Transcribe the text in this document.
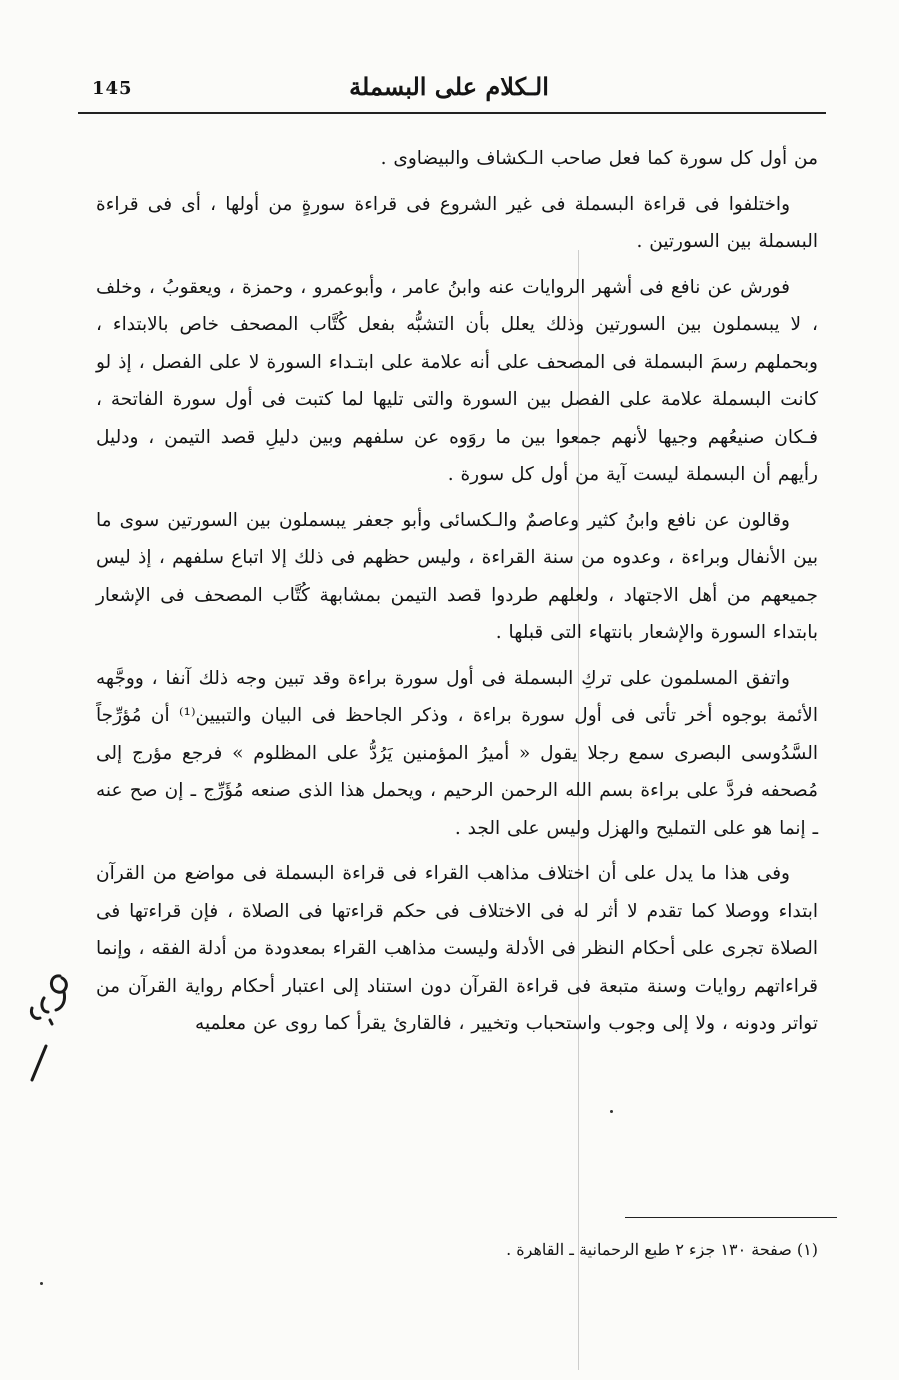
145	الـكلام على البسملة

من أول كل سورة كما فعل صاحب الـكشاف والبيضاوى .

واختلفوا فى قراءة البسملة فى غير الشروع فى قراءة سورةٍ من أولها ، أى فى قراءة البسملة بين السورتين .

فورش عن نافع فى أشهر الروايات عنه وابنُ عامر ، وأبوعمرو ، وحمزة ، ويعقوبُ ، وخلف ، لا يبسملون بين السورتين وذلك يعلل بأن التشبُّه بفعل كُتَّاب المصحف خاص بالابتداء ، وبحملهم رسمَ البسملة فى المصحف على أنه علامة على ابتـداء السورة لا على الفصل ، إذ لو كانت البسملة علامة على الفصل بين السورة والتى تليها لما كتبت فى أول سورة الفاتحة ، فـكان صنيعُهم وجيها لأنهم جمعوا بين ما روَوه عن سلفهم وبين دليلِ قصد التيمن ، ودليل رأيهم أن البسملة ليست آية من أول كل سورة .

وقالون عن نافع وابنُ كثير وعاصمٌ والـكسائى وأبو جعفر يبسملون بين السورتين سوى ما بين الأنفال وبراءة ، وعدوه من سنة القراءة ، وليس حظهم فى ذلك إلا اتباع سلفهم ، إذ ليس جميعهم من أهل الاجتهاد ، ولعلهم طردوا قصد التيمن بمشابهة كُتَّاب المصحف فى الإشعار بابتداء السورة والإشعار بانتهاء التى قبلها .

واتفق المسلمون على تركِ البسملة فى أول سورة براءة وقد تبين وجه ذلك آنفا ، ووجَّهه الأئمة بوجوه أخر تأتى فى أول سورة براءة ، وذكر الجاحظ فى البيان والتبيين⁽¹⁾ أن مُؤرِّجاً السَّدُوسى البصرى سمع رجلا يقول « أميرُ المؤمنين يَرُدُّ على المظلوم » فرجع مؤرج إلى مُصحفه فردَّ على براءة بسم الله الرحمن الرحيم ، ويحمل هذا الذى صنعه مُؤَرِّج ـ إن صح عنه ـ إنما هو على التمليح والهزل وليس على الجد .

وفى هذا ما يدل على أن اختلاف مذاهب القراء فى قراءة البسملة فى مواضع من القرآن ابتداء ووصلا كما تقدم لا أثر له فى الاختلاف فى حكم قراءتها فى الصلاة ، فإن قراءتها فى الصلاة تجرى على أحكام النظر فى الأدلة وليست مذاهب القراء بمعدودة من أدلة الفقه ، وإنما قراءاتهم روايات وسنة متبعة فى قراءة القرآن دون استناد إلى اعتبار أحكام رواية القرآن من تواتر ودونه ، ولا إلى وجوب واستحباب وتخيير ، فالقارئ يقرأ كما روى عن معلميه

(١) صفحة ١٣٠ جزء ٢ طبع الرحمانية ـ القاهرة .
